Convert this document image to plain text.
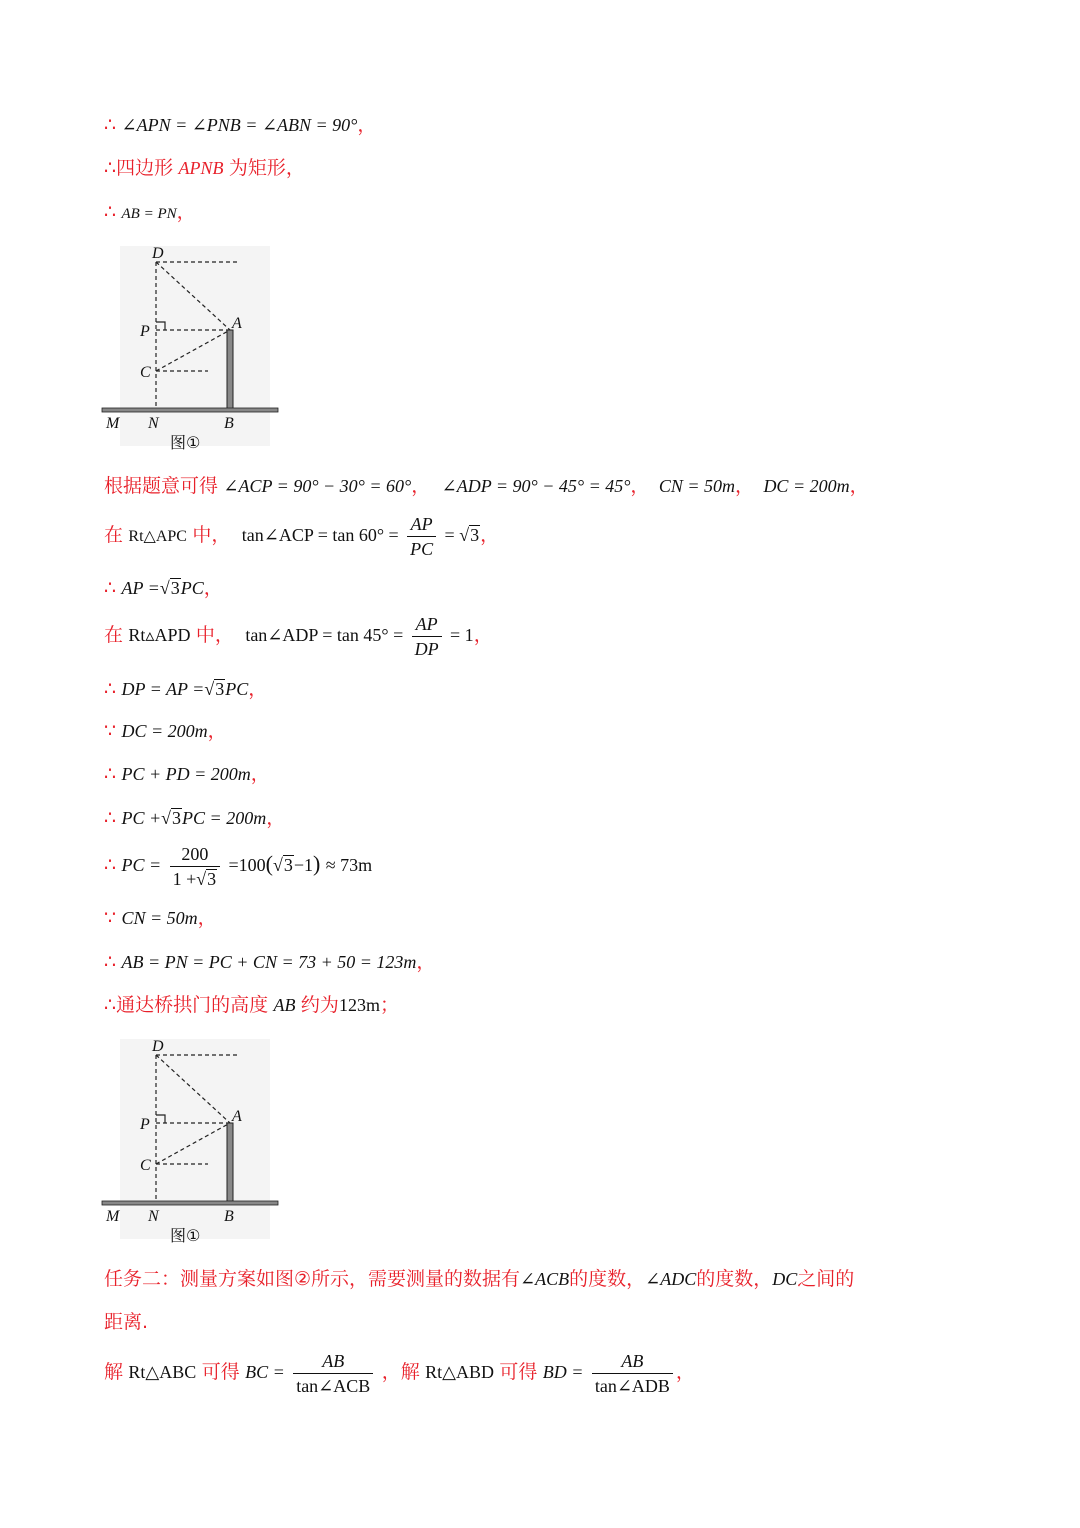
∴ ∠APN = ∠PNB = ∠ABN = 90°，
∴四边形 APNB 为矩形，
∴ AB = PN，
D
P	A
C
M N	B
图①
根据题意可得 ∠ACP = 90° − 30° = 60°， ∠ADP = 90° − 45° = 45°， CN = 50m， DC = 200m，
在 Rt△APC 中， tan∠ACP = $\tan 60^\circ = \frac{AP}{PC} = √3$，
∴ AP =√3PC，
在 Rt▵APD 中， tan∠ADP = $\tan 45^\circ = \frac{AP}{DP} = 1$，
∴ DP = AP =√3PC，
∵ DC = 200m，
∴ PC + PD = 200m，
∴ PC +√3PC = 200m，
∴ PC = $\frac{200}{1 +√3} =100(√3-1) \approx 73m$
∵ CN = 50m，
∴ AB = PN = PC + CN = 73 + 50 = 123m，
∴通达桥拱门的高度 AB 约为123m；
D
P	A
C
M N	B
图①
任务二：测量方案如图②所示，需要测量的数据有∠ACB的度数，∠ADC的度数，DC之间的
距离.
解 Rt△ABC 可得 BC = $\frac{AB}{\text{tan∠ACB}}$ ，解 Rt△ABD 可得 BD = $\frac{AB}{\text{tan∠ADB}}$ ，
